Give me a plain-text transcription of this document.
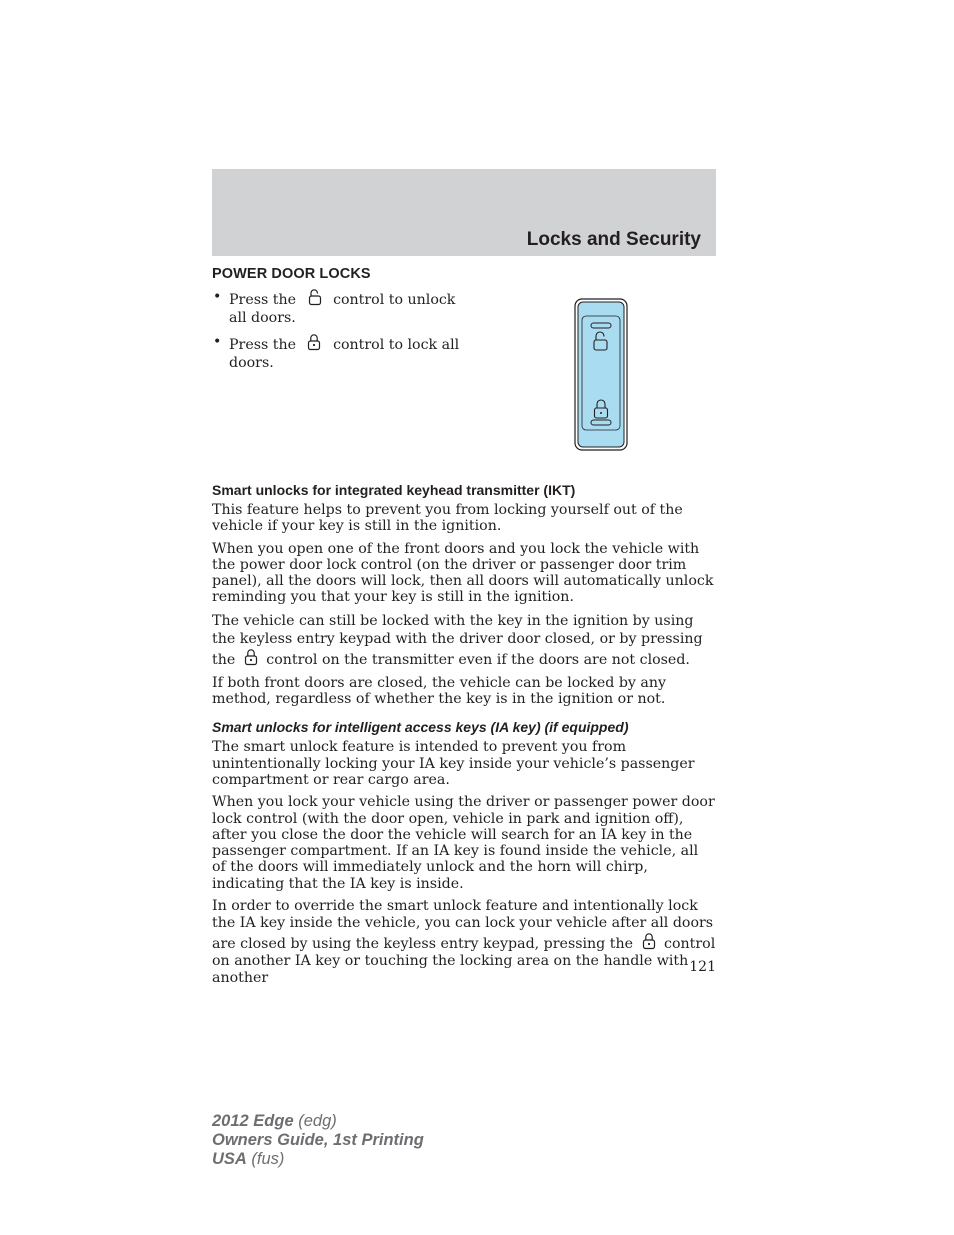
Locks and Security
POWER DOOR LOCKS
• Press the	control to unlock all doors.
• Press the	control to lock all doors.
Smart unlocks for integrated keyhead transmitter (IKT)

This feature helps to prevent you from locking yourself out of the vehicle if your key is still in the ignition.

When you open one of the front doors and you lock the vehicle with the power door lock control (on the driver or passenger door trim panel), all the doors will lock, then all doors will automatically unlock reminding you that your key is still in the ignition.

The vehicle can still be locked with the key in the ignition by using the keyless entry keypad with the driver door closed, or by pressing the control on the transmitter even if the doors are not closed.

If both front doors are closed, the vehicle can be locked by any method, regardless of whether the key is in the ignition or not.

Smart unlocks for intelligent access keys (IA key) (if equipped)

The smart unlock feature is intended to prevent you from unintentionally locking your IA key inside your vehicle’s passenger compartment or rear cargo area.

When you lock your vehicle using the driver or passenger power door lock control (with the door open, vehicle in park and ignition off), after you close the door the vehicle will search for an IA key in the passenger compartment. If an IA key is found inside the vehicle, all of the doors will immediately unlock and the horn will chirp, indicating that the IA key is inside.

In order to override the smart unlock feature and intentionally lock the IA key inside the vehicle, you can lock your vehicle after all doors are closed by using the keyless entry keypad, pressing the control on another IA key or touching the locking area on the handle with another

121
2012 Edge (edg)
Owners Guide, 1st Printing
USA (fus)
